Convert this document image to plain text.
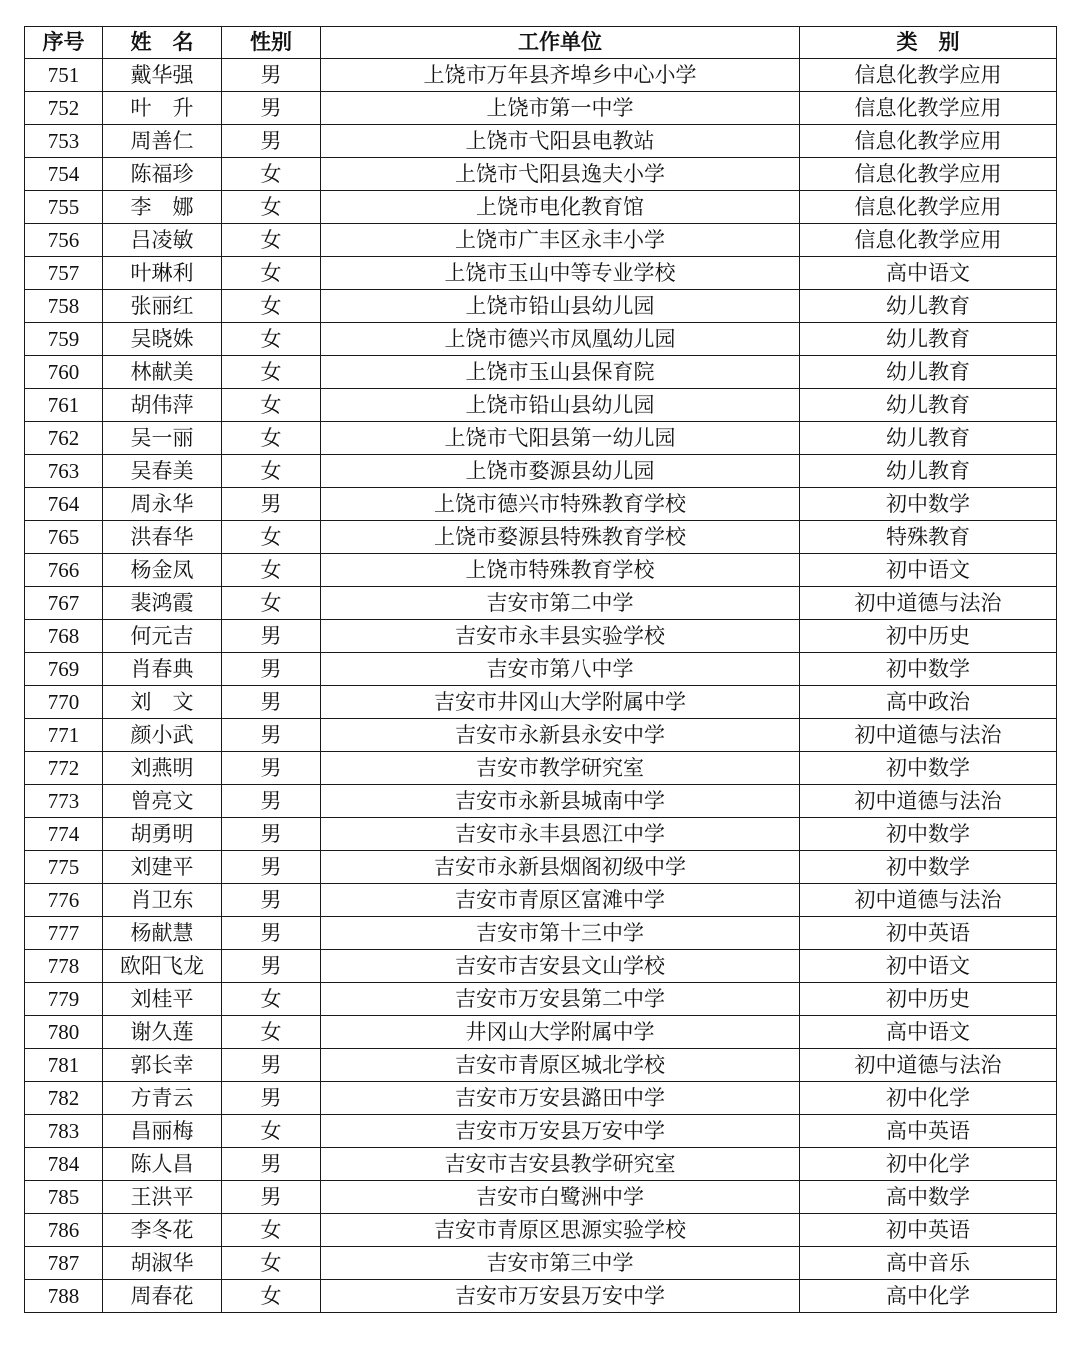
序号	姓　名	性别	工作单位	类　别
751	戴华强	男	上饶市万年县齐埠乡中心小学	信息化教学应用
752	叶　升	男	上饶市第一中学	信息化教学应用
753	周善仁	男	上饶市弋阳县电教站	信息化教学应用
754	陈福珍	女	上饶市弋阳县逸夫小学	信息化教学应用
755	李　娜	女	上饶市电化教育馆	信息化教学应用
756	吕凌敏	女	上饶市广丰区永丰小学	信息化教学应用
757	叶琳利	女	上饶市玉山中等专业学校	高中语文
758	张丽红	女	上饶市铅山县幼儿园	幼儿教育
759	吴晓姝	女	上饶市德兴市凤凰幼儿园	幼儿教育
760	林献美	女	上饶市玉山县保育院	幼儿教育
761	胡伟萍	女	上饶市铅山县幼儿园	幼儿教育
762	吴一丽	女	上饶市弋阳县第一幼儿园	幼儿教育
763	吴春美	女	上饶市婺源县幼儿园	幼儿教育
764	周永华	男	上饶市德兴市特殊教育学校	初中数学
765	洪春华	女	上饶市婺源县特殊教育学校	特殊教育
766	杨金凤	女	上饶市特殊教育学校	初中语文
767	裴鸿霞	女	吉安市第二中学	初中道德与法治
768	何元吉	男	吉安市永丰县实验学校	初中历史
769	肖春典	男	吉安市第八中学	初中数学
770	刘　文	男	吉安市井冈山大学附属中学	高中政治
771	颜小武	男	吉安市永新县永安中学	初中道德与法治
772	刘燕明	男	吉安市教学研究室	初中数学
773	曾亮文	男	吉安市永新县城南中学	初中道德与法治
774	胡勇明	男	吉安市永丰县恩江中学	初中数学
775	刘建平	男	吉安市永新县烟阁初级中学	初中数学
776	肖卫东	男	吉安市青原区富滩中学	初中道德与法治
777	杨献慧	男	吉安市第十三中学	初中英语
778	欧阳飞龙	男	吉安市吉安县文山学校	初中语文
779	刘桂平	女	吉安市万安县第二中学	初中历史
780	谢久莲	女	井冈山大学附属中学	高中语文
781	郭长幸	男	吉安市青原区城北学校	初中道德与法治
782	方青云	男	吉安市万安县潞田中学	初中化学
783	昌丽梅	女	吉安市万安县万安中学	高中英语
784	陈人昌	男	吉安市吉安县教学研究室	初中化学
785	王洪平	男	吉安市白鹭洲中学	高中数学
786	李冬花	女	吉安市青原区思源实验学校	初中英语
787	胡淑华	女	吉安市第三中学	高中音乐
788	周春花	女	吉安市万安县万安中学	高中化学
